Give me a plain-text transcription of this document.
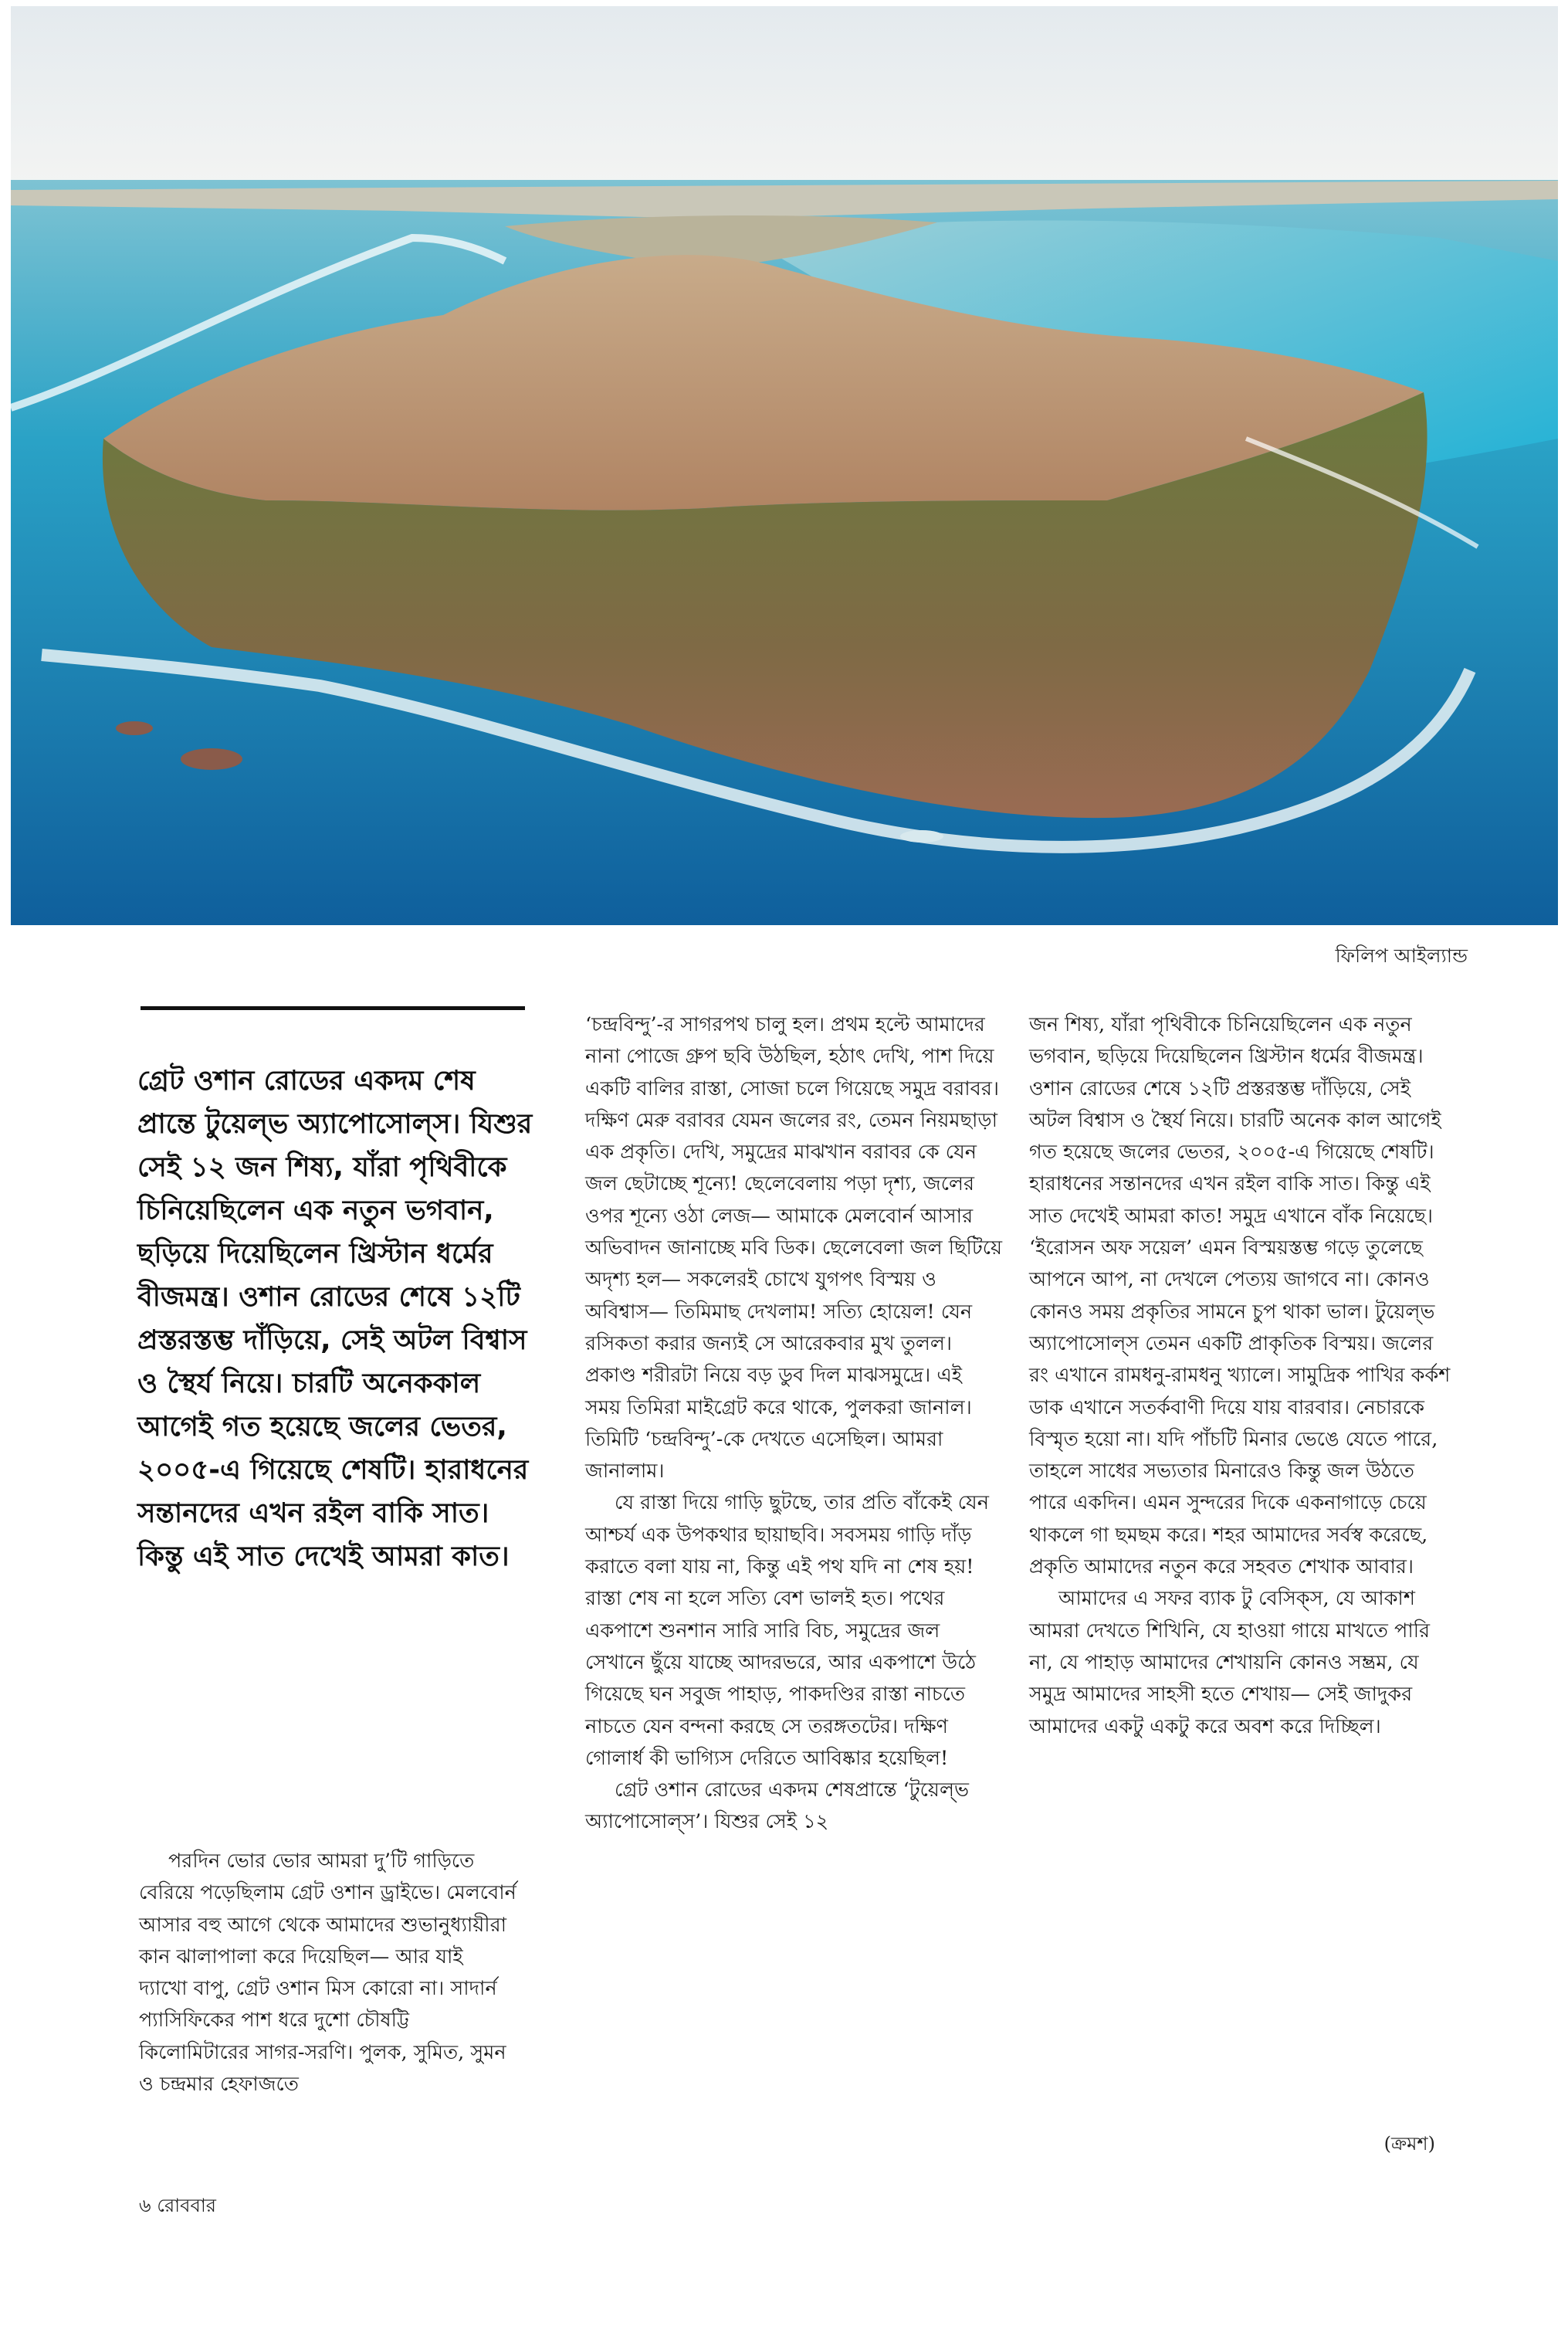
ফিলিপ আইল্যান্ড

গ্রেট ওশান রোডের একদম শেষ প্রান্তে টুয়েল্‌ভ অ্যাপোসোল্‌স। যিশুর সেই ১২ জন শিষ্য, যাঁরা পৃথিবীকে চিনিয়েছিলেন এক নতুন ভগবান, ছড়িয়ে দিয়েছিলেন খ্রিস্টান ধর্মের বীজমন্ত্র। ওশান রোডের শেষে ১২টি প্রস্তরস্তম্ভ দাঁড়িয়ে, সেই অটল বিশ্বাস ও স্থৈর্য নিয়ে। চারটি অনেককাল আগেই গত হয়েছে জলের ভেতর, ২০০৫-এ গিয়েছে শেষটি। হারাধনের সন্তানদের এখন রইল বাকি সাত। কিন্তু এই সাত দেখেই আমরা কাত।

পরদিন ভোর ভোর আমরা দু’টি গাড়িতে বেরিয়ে পড়েছিলাম গ্রেট ওশান ড্রাইভে। মেলবোর্ন আসার বহু আগে থেকে আমাদের শুভানুধ্যায়ীরা কান ঝালাপালা করে দিয়েছিল— আর যাই দ্যাখো বাপু, গ্রেট ওশান মিস কোরো না। সাদার্ন প্যাসিফিকের পাশ ধরে দুশো চৌষট্টি কিলোমিটারের সাগর-সরণি। পুলক, সুমিত, সুমন ও চন্দ্রমার হেফাজতে

‘চন্দ্রবিন্দু’-র সাগরপথ চালু হল। প্রথম হল্টে আমাদের নানা পোজে গ্রুপ ছবি উঠছিল, হঠাৎ দেখি, পাশ দিয়ে একটি বালির রাস্তা, সোজা চলে গিয়েছে সমুদ্র বরাবর। দক্ষিণ মেরু বরাবর যেমন জলের রং, তেমন নিয়মছাড়া এক প্রকৃতি। দেখি, সমুদ্রের মাঝখান বরাবর কে যেন জল ছেটাচ্ছে শূন্যে! ছেলেবেলায় পড়া দৃশ্য, জলের ওপর শূন্যে ওঠা লেজ— আমাকে মেলবোর্ন আসার অভিবাদন জানাচ্ছে মবি ডিক। ছেলেবেলা জল ছিটিয়ে অদৃশ্য হল— সকলেরই চোখে যুগপৎ বিস্ময় ও অবিশ্বাস— তিমিমাছ দেখলাম! সত্যি হোয়েল! যেন রসিকতা করার জন্যই সে আরেকবার মুখ তুলল। প্রকাণ্ড শরীরটা নিয়ে বড় ডুব দিল মাঝসমুদ্রে। এই সময় তিমিরা মাইগ্রেট করে থাকে, পুলকরা জানাল। তিমিটি ‘চন্দ্রবিন্দু’-কে দেখতে এসেছিল। আমরা জানালাম।

যে রাস্তা দিয়ে গাড়ি ছুটছে, তার প্রতি বাঁকেই যেন আশ্চর্য এক উপকথার ছায়াছবি। সবসময় গাড়ি দাঁড় করাতে বলা যায় না, কিন্তু এই পথ যদি না শেষ হয়! রাস্তা শেষ না হলে সত্যি বেশ ভালই হত। পথের একপাশে শুনশান সারি সারি বিচ, সমুদ্রের জল সেখানে ছুঁয়ে যাচ্ছে আদরভরে, আর একপাশে উঠে গিয়েছে ঘন সবুজ পাহাড়, পাকদণ্ডির রাস্তা নাচতে নাচতে যেন বন্দনা করছে সে তরঙ্গতটের। দক্ষিণ গোলার্ধ কী ভাগ্যিস দেরিতে আবিষ্কার হয়েছিল!

গ্রেট ওশান রোডের একদম শেষপ্রান্তে ‘টুয়েল্‌ভ অ্যাপোসোল্‌স’। যিশুর সেই ১২

জন শিষ্য, যাঁরা পৃথিবীকে চিনিয়েছিলেন এক নতুন ভগবান, ছড়িয়ে দিয়েছিলেন খ্রিস্টান ধর্মের বীজমন্ত্র। ওশান রোডের শেষে ১২টি প্রস্তরস্তম্ভ দাঁড়িয়ে, সেই অটল বিশ্বাস ও স্থৈর্য নিয়ে। চারটি অনেক কাল আগেই গত হয়েছে জলের ভেতর, ২০০৫-এ গিয়েছে শেষটি। হারাধনের সন্তানদের এখন রইল বাকি সাত। কিন্তু এই সাত দেখেই আমরা কাত! সমুদ্র এখানে বাঁক নিয়েছে। ‘ইরোসন অফ সয়েল’ এমন বিস্ময়স্তম্ভ গড়ে তুলেছে আপনে আপ, না দেখলে পেত্যয় জাগবে না। কোনও কোনও সময় প্রকৃতির সামনে চুপ থাকা ভাল। টুয়েল্‌ভ অ্যাপোসোল্‌স তেমন একটি প্রাকৃতিক বিস্ময়। জলের রং এখানে রামধনু-রামধনু খ্যালে। সামুদ্রিক পাখির কর্কশ ডাক এখানে সতর্কবাণী দিয়ে যায় বারবার। নেচারকে বিস্মৃত হয়ো না। যদি পাঁচটি মিনার ভেঙে যেতে পারে, তাহলে সাধের সভ্যতার মিনারেও কিন্তু জল উঠতে পারে একদিন। এমন সুন্দরের দিকে একনাগাড়ে চেয়ে থাকলে গা ছমছম করে। শহর আমাদের সর্বস্ব করেছে, প্রকৃতি আমাদের নতুন করে সহবত শেখাক আবার।

আমাদের এ সফর ব্যাক টু বেসিক্‌স, যে আকাশ আমরা দেখতে শিখিনি, যে হাওয়া গায়ে মাখতে পারি না, যে পাহাড় আমাদের শেখায়নি কোনও সম্ভ্রম, যে সমুদ্র আমাদের সাহসী হতে শেখায়— সেই জাদুকর আমাদের একটু একটু করে অবশ করে দিচ্ছিল।

(ক্রমশ)
৬ রোববার
